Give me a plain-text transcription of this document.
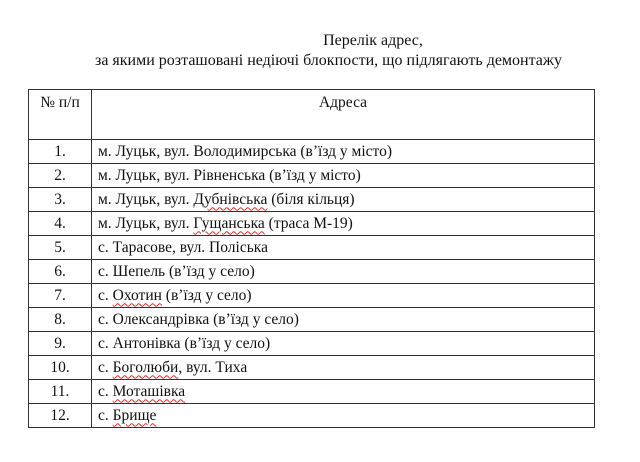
Перелік адрес,
за якими розташовані недіючі блокпости, що підлягають демонтажу
№ п/п	Адреса
1.	м. Луцьк, вул. Володимирська (в’їзд у місто)
2.	м. Луцьк, вул. Рівненська (в’їзд у місто)
3.	м. Луцьк, вул. Дубнівська (біля кільця)
4.	м. Луцьк, вул. Гущанська (траса М-19)
5.	с. Тарасове, вул. Поліська
6.	с. Шепель (в’їзд у село)
7.	с. Охотин (в’їзд у село)
8.	с. Олександрівка (в’їзд у село)
9.	с. Антонівка (в’їзд у село)
10.	с. Боголюби, вул. Тиха
11.	с. Моташівка
12.	с. Брище
